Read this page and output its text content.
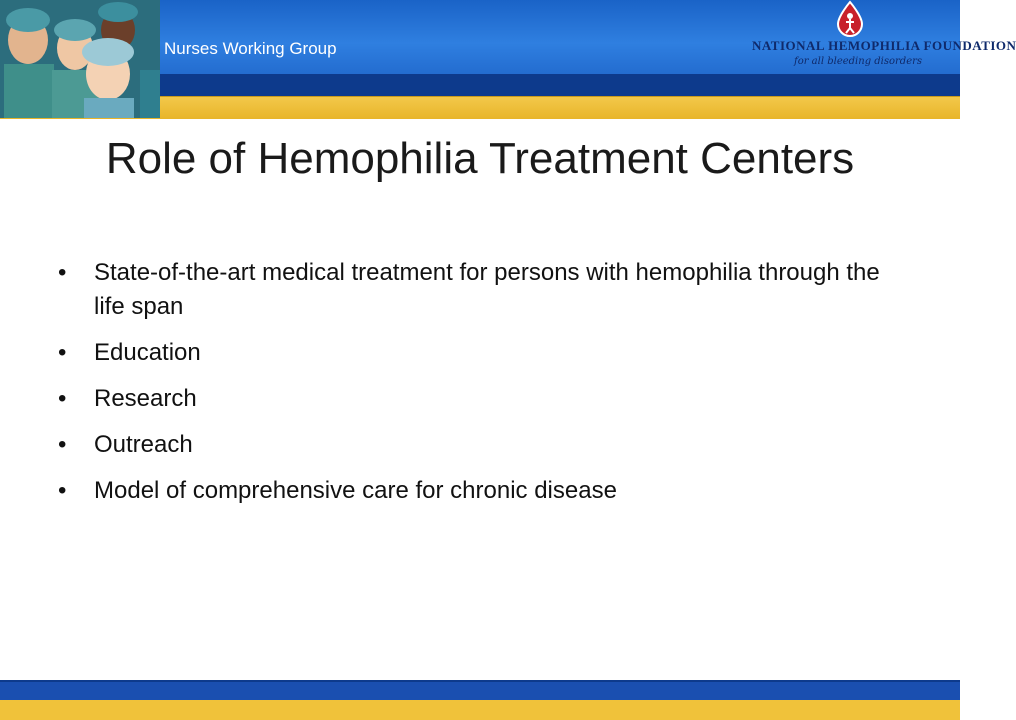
Nurses Working Group	NATIONAL HEMOPHILIA FOUNDATION
for all bleeding disorders
Role of Hemophilia Treatment Centers
• State-of-the-art medical treatment for persons with hemophilia through the life span
• Education
• Research
• Outreach
• Model of comprehensive care for chronic disease
